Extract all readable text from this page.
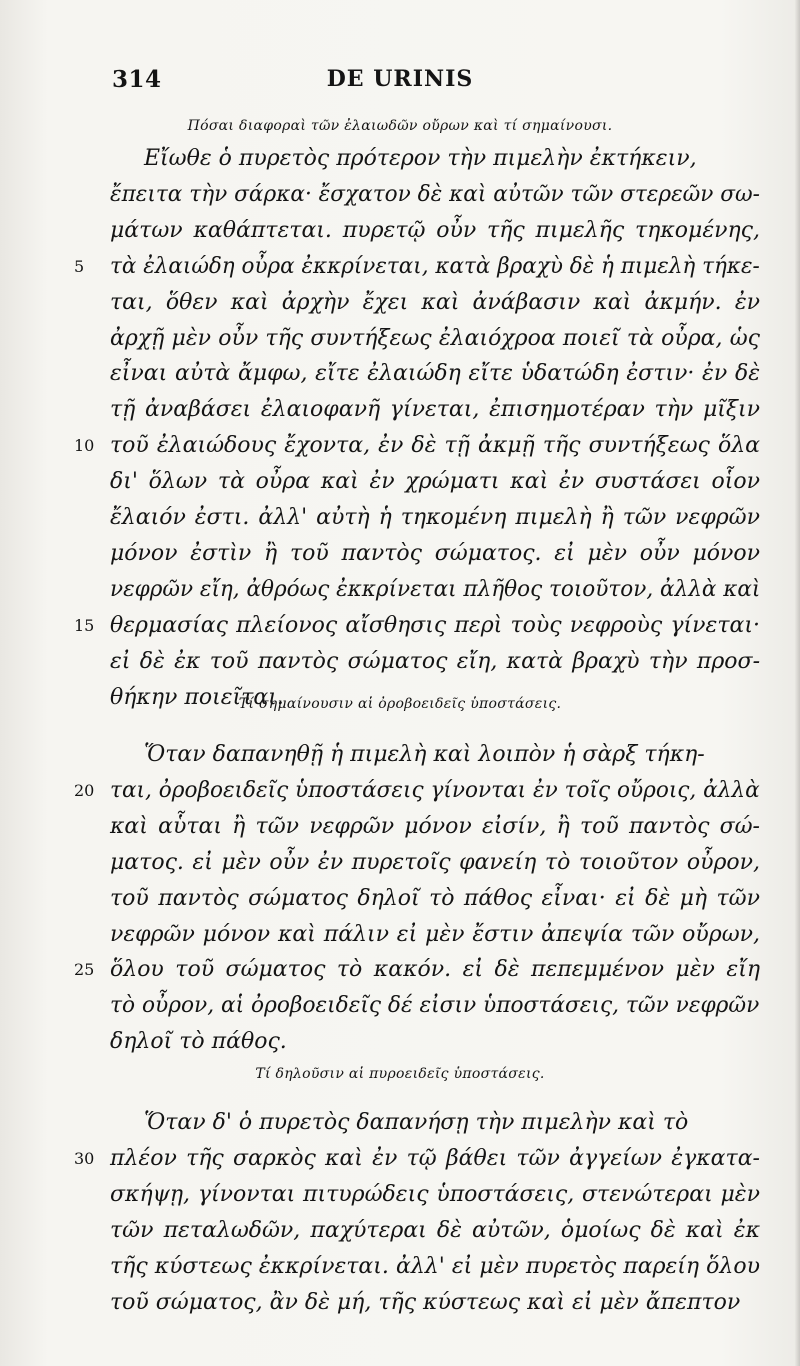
314	DE URINIS
Πόσαι διαφοραὶ τῶν ἐλαιωδῶν οὔρων καὶ τί σημαίνουσι.
Εἴωθε ὁ πυρετὸς πρότερον τὴν πιμελὴν ἐκτήκειν,
ἔπειτα τὴν σάρκα· ἔσχατον δὲ καὶ αὐτῶν τῶν στερεῶν σω-
μάτων καθάπτεται. πυρετῷ οὖν τῆς πιμελῆς τηκομένης,
τὰ ἐλαιώδη οὖρα ἐκκρίνεται, κατὰ βραχὺ δὲ ἡ πιμελὴ τήκε-
5
ται, ὅθεν καὶ ἀρχὴν ἔχει καὶ ἀνάβασιν καὶ ἀκμήν. ἐν
ἀρχῇ μὲν οὖν τῆς συντήξεως ἐλαιόχροα ποιεῖ τὰ οὖρα, ὡς
εἶναι αὐτὰ ἄμφω, εἴτε ἐλαιώδη εἴτε ὑδατώδη ἐστιν· ἐν δὲ
τῇ ἀναβάσει ἐλαιοφανῆ γίνεται, ἐπισημοτέραν τὴν μῖξιν
τοῦ ἐλαιώδους ἔχοντα, ἐν δὲ τῇ ἀκμῇ τῆς συντήξεως ὅλα
10
δι' ὅλων τὰ οὖρα καὶ ἐν χρώματι καὶ ἐν συστάσει οἷον
ἔλαιόν ἐστι. ἀλλ' αὐτὴ ἡ τηκομένη πιμελὴ ἢ τῶν νεφρῶν
μόνον ἐστὶν ἢ τοῦ παντὸς σώματος. εἰ μὲν οὖν μόνον
νεφρῶν εἴη, ἀθρόως ἐκκρίνεται πλῆθος τοιοῦτον, ἀλλὰ καὶ
θερμασίας πλείονος αἴσθησις περὶ τοὺς νεφροὺς γίνεται·
15
εἰ δὲ ἐκ τοῦ παντὸς σώματος εἴη, κατὰ βραχὺ τὴν προσ-
θήκην ποιεῖται.
Τί σημαίνουσιν αἱ ὀροβοειδεῖς ὑποστάσεις.
Ὅταν δαπανηθῇ ἡ πιμελὴ καὶ λοιπὸν ἡ σὰρξ τήκη-
ται, ὀροβοειδεῖς ὑποστάσεις γίνονται ἐν τοῖς οὔροις, ἀλλὰ
20
καὶ αὗται ἢ τῶν νεφρῶν μόνον εἰσίν, ἢ τοῦ παντὸς σώ-
ματος. εἰ μὲν οὖν ἐν πυρετοῖς φανείη τὸ τοιοῦτον οὖρον,
τοῦ παντὸς σώματος δηλοῖ τὸ πάθος εἶναι· εἰ δὲ μὴ τῶν
νεφρῶν μόνον καὶ πάλιν εἰ μὲν ἔστιν ἀπεψία τῶν οὔρων,
ὅλου τοῦ σώματος τὸ κακόν. εἰ δὲ πεπεμμένον μὲν εἴη
25
τὸ οὖρον, αἱ ὀροβοειδεῖς δέ εἰσιν ὑποστάσεις, τῶν νεφρῶν
δηλοῖ τὸ πάθος.
Τί δηλοῦσιν αἱ πυροειδεῖς ὑποστάσεις.
Ὅταν δ' ὁ πυρετὸς δαπανήσῃ τὴν πιμελὴν καὶ τὸ
πλέον τῆς σαρκὸς καὶ ἐν τῷ βάθει τῶν ἀγγείων ἐγκατα-
30
σκήψῃ, γίνονται πιτυρώδεις ὑποστάσεις, στενώτεραι μὲν
τῶν πεταλωδῶν, παχύτεραι δὲ αὐτῶν, ὁμοίως δὲ καὶ ἐκ
τῆς κύστεως ἐκκρίνεται. ἀλλ' εἰ μὲν πυρετὸς παρείη ὅλου
τοῦ σώματος, ἂν δὲ μή, τῆς κύστεως καὶ εἰ μὲν ἄπεπτον
